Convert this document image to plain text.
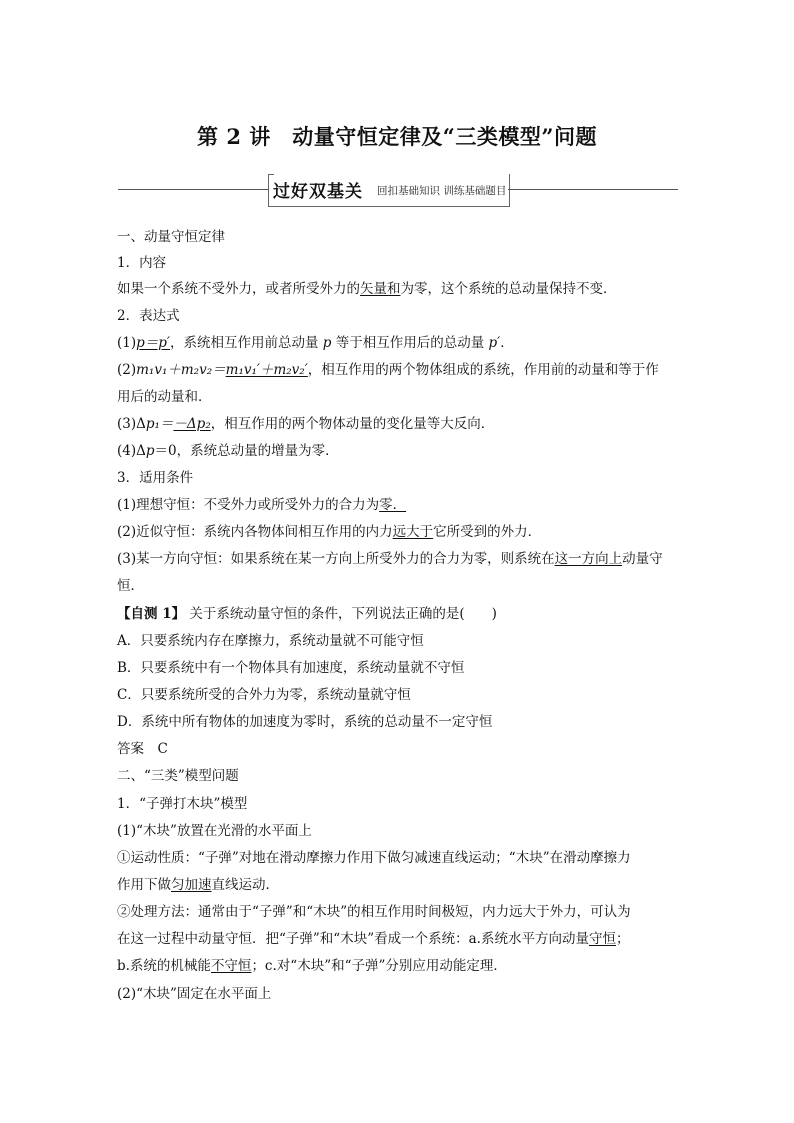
第 2 讲　动量守恒定律及“三类模型”问题
过好双基关 回扣基础知识 训练基础题目
一、动量守恒定律
1．内容
如果一个系统不受外力，或者所受外力的矢量和为零，这个系统的总动量保持不变．
2．表达式
(1)p＝p′，系统相互作用前总动量 p 等于相互作用后的总动量 p′．
(2)m₁v₁＋m₂v₂＝m₁v₁′＋m₂v₂′，相互作用的两个物体组成的系统，作用前的动量和等于作
用后的动量和．
(3)Δp₁＝－Δp₂，相互作用的两个物体动量的变化量等大反向．
(4)Δp＝0，系统总动量的增量为零．
3．适用条件
(1)理想守恒：不受外力或所受外力的合力为零．
(2)近似守恒：系统内各物体间相互作用的内力远大于它所受到的外力．
(3)某一方向守恒：如果系统在某一方向上所受外力的合力为零，则系统在这一方向上动量守
恒．
【自测 1】 关于系统动量守恒的条件，下列说法正确的是(　　)
A．只要系统内存在摩擦力，系统动量就不可能守恒
B．只要系统中有一个物体具有加速度，系统动量就不守恒
C．只要系统所受的合外力为零，系统动量就守恒
D．系统中所有物体的加速度为零时，系统的总动量不一定守恒
答案　C
二、“三类”模型问题
1．“子弹打木块”模型
(1)“木块”放置在光滑的水平面上
①运动性质：“子弹”对地在滑动摩擦力作用下做匀减速直线运动；“木块”在滑动摩擦力
作用下做匀加速直线运动．
②处理方法：通常由于“子弹”和“木块”的相互作用时间极短，内力远大于外力，可认为
在这一过程中动量守恒．把“子弹”和“木块”看成一个系统：a.系统水平方向动量守恒；
b.系统的机械能不守恒；c.对“木块”和“子弹”分别应用动能定理．
(2)“木块”固定在水平面上
